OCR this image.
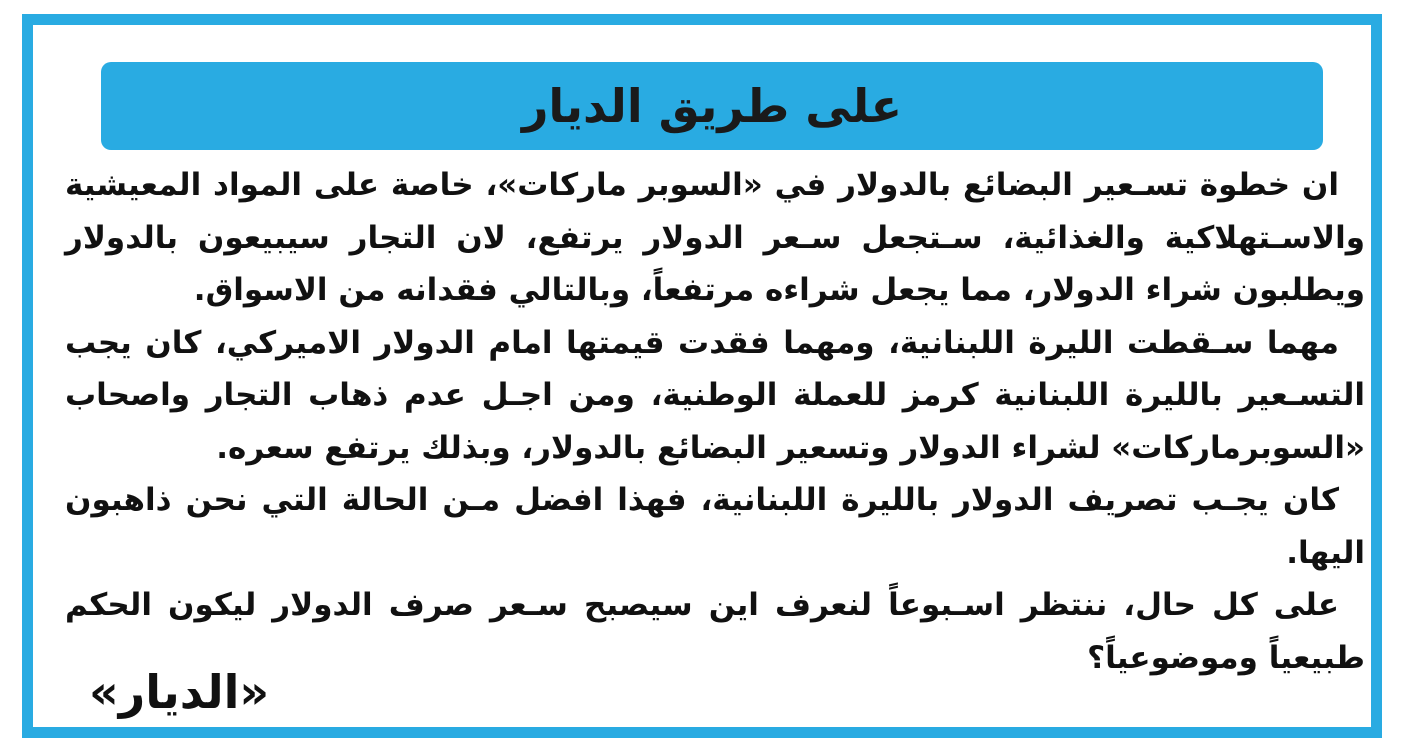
على طريق الديار

ان خطوة تسـعير البضائع بالدولار في «السوبر ماركات»، خاصة على المواد المعيشية والاسـتهلاكية والغذائية، سـتجعل سـعر الدولار يرتفع، لان التجار سيبيعون بالدولار ويطلبون شراء الدولار، مما يجعل شراءه مرتفعاً، وبالتالي فقدانه من الاسواق.

مهما سـقطت الليرة اللبنانية، ومهما فقدت قيمتها امام الدولار الاميركي، كان يجب التسـعير بالليرة اللبنانية كرمز للعملة الوطنية، ومن اجـل عدم ذهاب التجار واصحاب «السوبرماركات» لشراء الدولار وتسعير البضائع بالدولار، وبذلك يرتفع سعره.

كان يجـب تصريف الدولار بالليرة اللبنانية، فهذا افضل مـن الحالة التي نحن ذاهبون اليها.

على كل حال، ننتظر اسـبوعاً لنعرف اين سيصبح سـعر صرف الدولار ليكون الحكم طبيعياً وموضوعياً؟

«الديار»
